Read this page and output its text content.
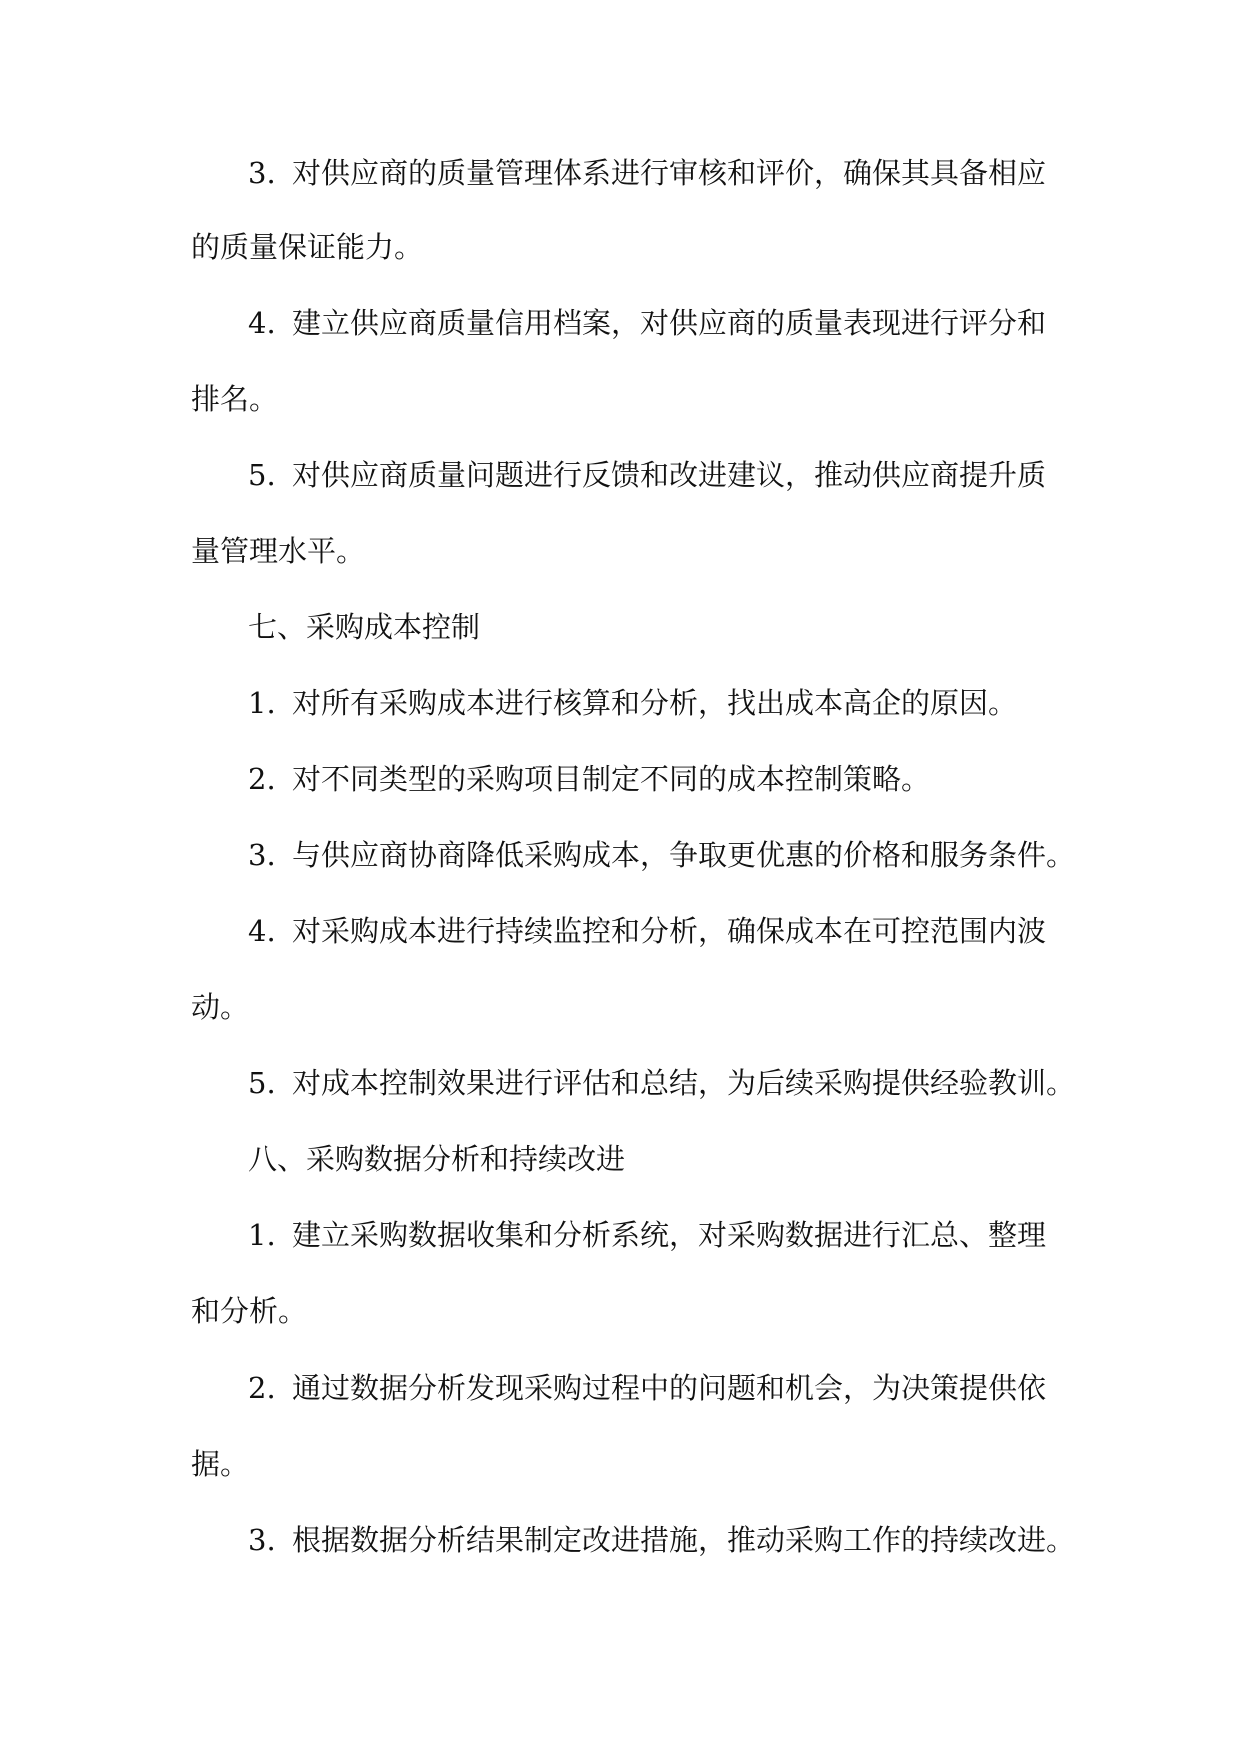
3. 对供应商的质量管理体系进行审核和评价，确保其具备相应
的质量保证能力。
4. 建立供应商质量信用档案，对供应商的质量表现进行评分和
排名。
5. 对供应商质量问题进行反馈和改进建议，推动供应商提升质
量管理水平。
七、采购成本控制
1. 对所有采购成本进行核算和分析，找出成本高企的原因。
2. 对不同类型的采购项目制定不同的成本控制策略。
3. 与供应商协商降低采购成本，争取更优惠的价格和服务条件。
4. 对采购成本进行持续监控和分析，确保成本在可控范围内波
动。
5. 对成本控制效果进行评估和总结，为后续采购提供经验教训。
八、采购数据分析和持续改进
1. 建立采购数据收集和分析系统，对采购数据进行汇总、整理
和分析。
2. 通过数据分析发现采购过程中的问题和机会，为决策提供依
据。
3. 根据数据分析结果制定改进措施，推动采购工作的持续改进。
